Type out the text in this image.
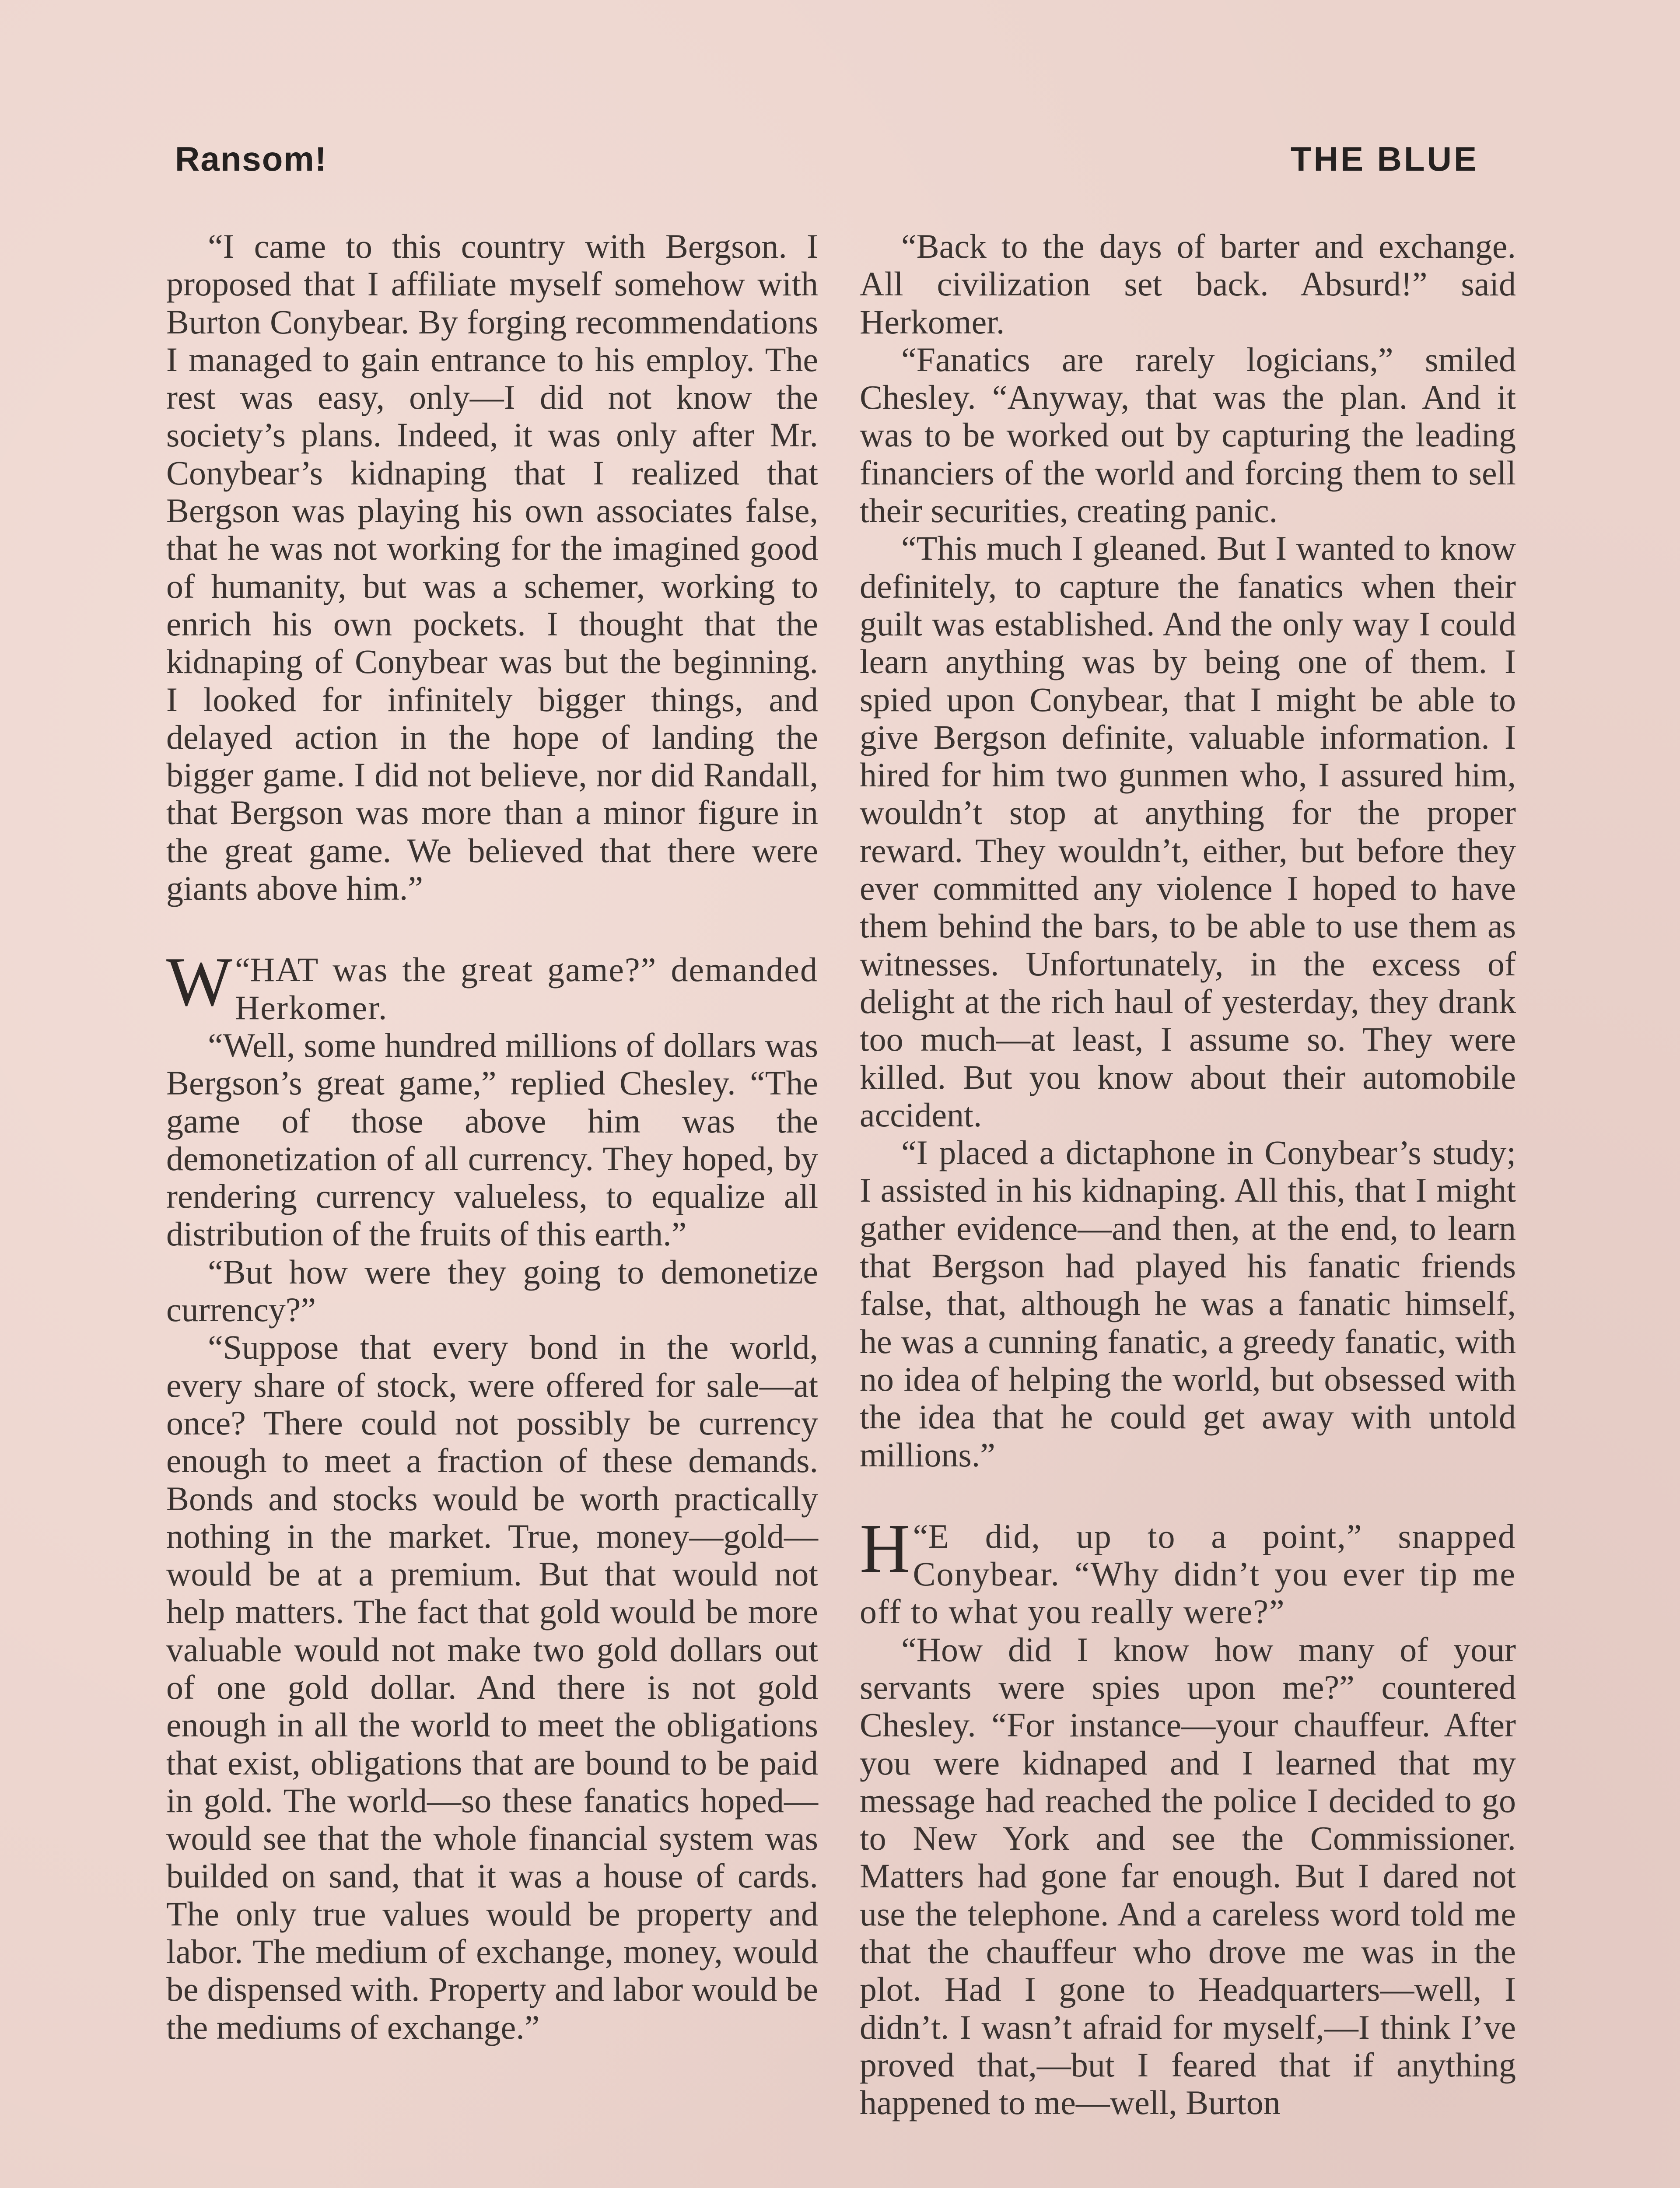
Ransom!	THE BLUE

“I came to this country with Bergson. I proposed that I affiliate myself somehow with Burton Conybear. By forging recommendations I managed to gain entrance to his employ. The rest was easy, only—I did not know the society’s plans. Indeed, it was only after Mr. Conybear’s kidnaping that I realized that Bergson was playing his own associates false, that he was not working for the imagined good of humanity, but was a schemer, working to enrich his own pockets. I thought that the kidnaping of Conybear was but the beginning. I looked for infinitely bigger things, and delayed action in the hope of landing the bigger game. I did not believe, nor did Randall, that Bergson was more than a minor figure in the great game. We believed that there were giants above him.”

“
W HAT was the great game?” demanded Herkomer.

“Well, some hundred millions of dollars was Bergson’s great game,” replied Chesley. “The game of those above him was the demonetization of all currency. They hoped, by rendering currency valueless, to equalize all distribution of the fruits of this earth.”

“But how were they going to demonetize currency?”

“Suppose that every bond in the world, every share of stock, were offered for sale—at once? There could not possibly be currency enough to meet a fraction of these demands. Bonds and stocks would be worth practically nothing in the market. True, money—gold—would be at a premium. But that would not help matters. The fact that gold would be more valuable would not make two gold dollars out of one gold dollar. And there is not gold enough in all the world to meet the obligations that exist, obligations that are bound to be paid in gold. The world—so these fanatics hoped—would see that the whole financial system was builded on sand, that it was a house of cards. The only true values would be property and labor. The medium of exchange, money, would be dispensed with. Property and labor would be the mediums of exchange.”

“Back to the days of barter and exchange. All civilization set back. Absurd!” said Herkomer.

“Fanatics are rarely logicians,” smiled Chesley. “Anyway, that was the plan. And it was to be worked out by capturing the leading financiers of the world and forcing them to sell their securities, creating panic.

“This much I gleaned. But I wanted to know definitely, to capture the fanatics when their guilt was established. And the only way I could learn anything was by being one of them. I spied upon Conybear, that I might be able to give Bergson definite, valuable information. I hired for him two gunmen who, I assured him, wouldn’t stop at anything for the proper reward. They wouldn’t, either, but before they ever committed any violence I hoped to have them behind the bars, to be able to use them as witnesses. Unfortunately, in the excess of delight at the rich haul of yesterday, they drank too much—at least, I assume so. They were killed. But you know about their automobile accident.

“I placed a dictaphone in Conybear’s study; I assisted in his kidnaping. All this, that I might gather evidence—and then, at the end, to learn that Bergson had played his fanatic friends false, that, although he was a fanatic himself, he was a cunning fanatic, a greedy fanatic, with no idea of helping the world, but obsessed with the idea that he could get away with untold millions.”

“
H E did, up to a point,” snapped Conybear. “Why didn’t you ever tip me off to what you really were?”

“How did I know how many of your servants were spies upon me?” countered Chesley. “For instance—your chauffeur. After you were kidnaped and I learned that my message had reached the police I decided to go to New York and see the Commissioner. Matters had gone far enough. But I dared not use the telephone. And a careless word told me that the chauffeur who drove me was in the plot. Had I gone to Headquarters—well, I didn’t. I wasn’t afraid for myself,—I think I’ve proved that,—but I feared that if anything happened to me—well, Burton
